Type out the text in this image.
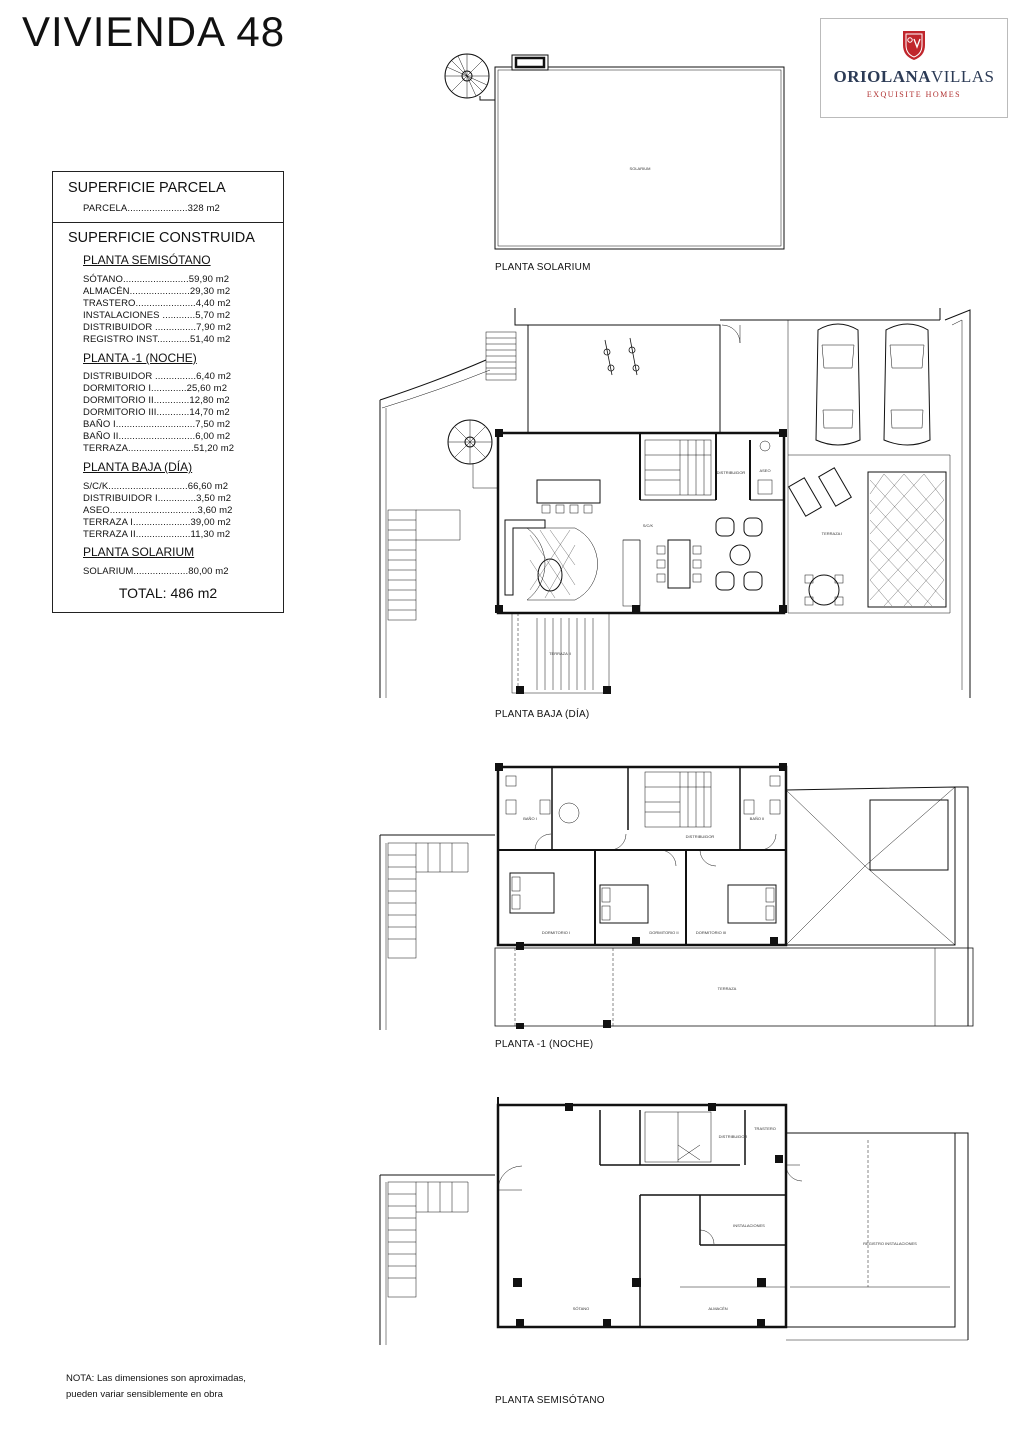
VIVIENDA 48
ORIOLANAVILLAS
EXQUISITE HOMES
SUPERFICIE PARCELA
PARCELA......................328 m2
SUPERFICIE CONSTRUIDA
PLANTA SEMISÓTANO
SÓTANO........................59,90 m2
ALMACÉN......................29,30 m2
TRASTERO......................4,40 m2
INSTALACIONES ............5,70 m2
DISTRIBUIDOR ...............7,90 m2
REGISTRO INST............51,40 m2
PLANTA -1 (NOCHE)
DISTRIBUIDOR ...............6,40 m2
DORMITORIO I.............25,60 m2
DORMITORIO II.............12,80 m2
DORMITORIO III............14,70 m2
BAÑO I.............................7,50 m2
BAÑO II............................6,00 m2
TERRAZA........................51,20 m2
PLANTA BAJA (DÍA)
S/C/K.............................66,60 m2
DISTRIBUIDOR I..............3,50 m2
ASEO................................3,60 m2
TERRAZA I.....................39,00 m2
TERRAZA II....................11,30 m2
PLANTA SOLARIUM
SOLARIUM....................80,00 m2
TOTAL: 486 m2
SOLARIUM
DISTRIBUIDOR	ASEO
S/C/K
TERRAZA I
TERRAZA II
BAÑO I	BAÑO II
DISTRIBUIDOR
DORMITORIO I	DORMITORIO II	DORMITORIO III
TERRAZA
DISTRIBUIDOR
TRASTERO
INSTALACIONES
REGISTRO INSTALACIONES
SÓTANO	ALMACÉN
PLANTA SOLARIUM
PLANTA BAJA (DÍA)
PLANTA -1 (NOCHE)
PLANTA SEMISÓTANO
NOTA: Las dimensiones son aproximadas,
pueden variar sensiblemente en obra
